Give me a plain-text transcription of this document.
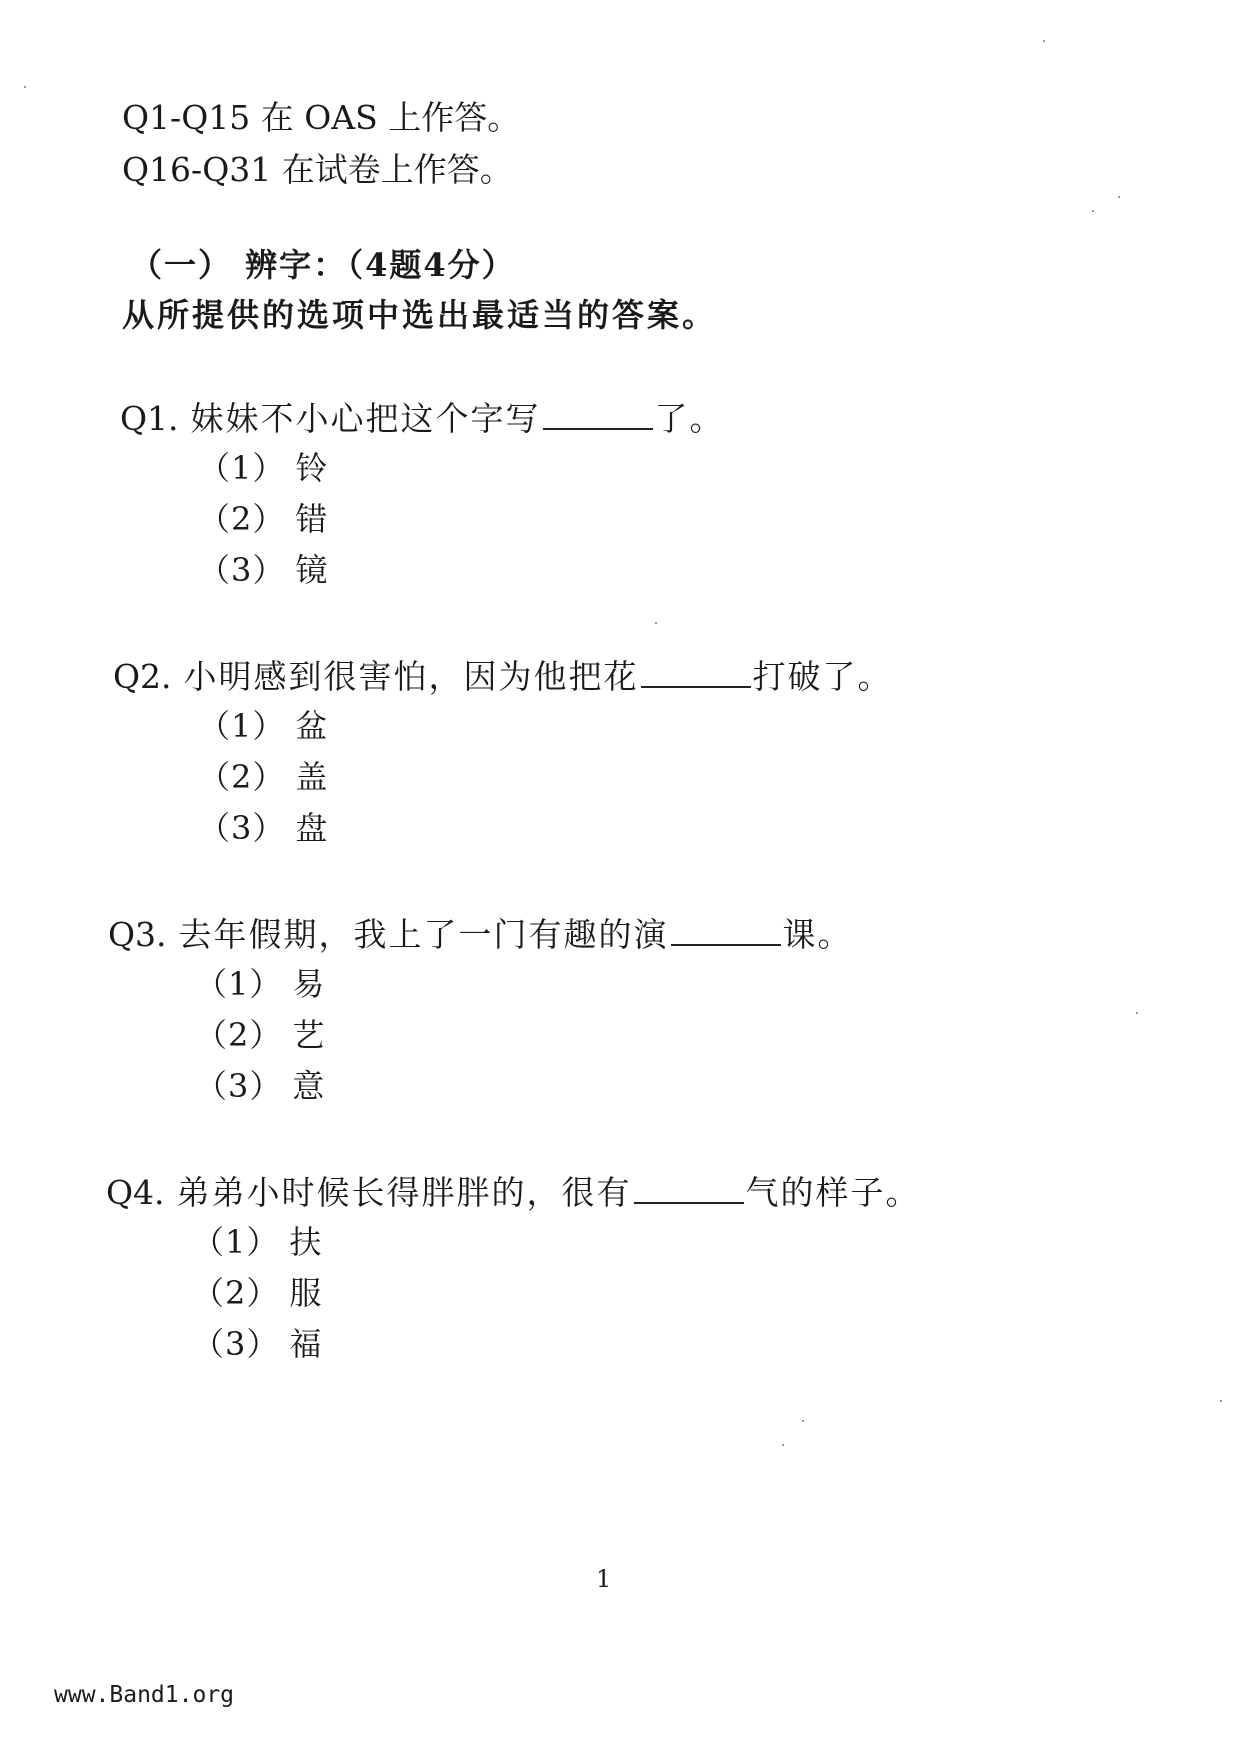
Q1-Q15 在 OAS 上作答。
Q16-Q31 在试卷上作答。
（一） 辨字：（4题4分）
从所提供的选项中选出最适当的答案。
Q1. 妹妹不小心把这个字写	了。
（1） 铃
（2） 错
（3） 镜
Q2. 小明感到很害怕，因为他把花	打破了。
（1） 盆
（2） 盖
（3） 盘
Q3. 去年假期，我上了一门有趣的演	课。
（1） 易
（2） 艺
（3） 意
Q4. 弟弟小时候长得胖胖的，很有	气的样子。
（1） 扶
（2） 服
（3） 福
1
www.Band1.org
